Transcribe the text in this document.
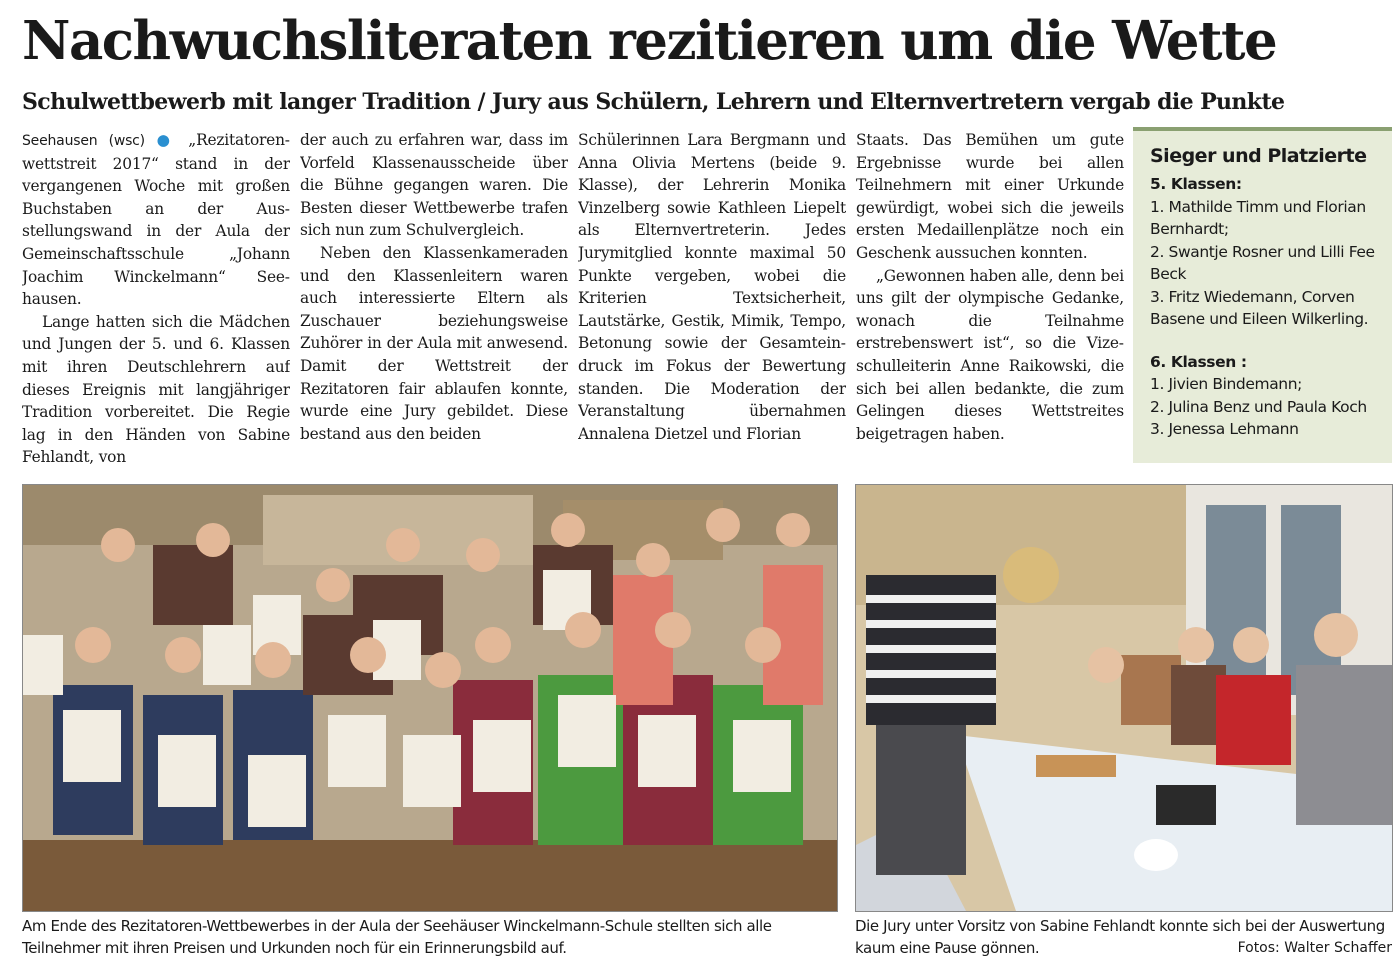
Nachwuchsliteraten rezitieren um die Wette
Schulwettbewerb mit langer Tradition / Jury aus Schülern, Lehrern und Elternvertretern vergab die Punkte

Seehausen (wsc) ● „Rezitatorenwettstreit 2017“ stand in der vergangenen Woche mit großen Buchstaben an der Ausstellungswand in der Aula der Gemeinschaftsschule „Johann Joachim Winckelmann“ Seehausen.

Lange hatten sich die Mädchen und Jungen der 5. und 6. Klassen mit ihren Deutschlehrern auf dieses Ereignis mit langjähriger Tradition vorbereitet. Die Regie lag in den Händen von Sabine Fehlandt, von

der auch zu erfahren war, dass im Vorfeld Klassenausscheide über die Bühne gegangen waren. Die Besten dieser Wettbewerbe trafen sich nun zum Schulvergleich.

Neben den Klassenkameraden und den Klassenleitern waren auch interessierte Eltern als Zuschauer beziehungsweise Zuhörer in der Aula mit anwesend. Damit der Wettstreit der Rezitatoren fair ablaufen konnte, wurde eine Jury gebildet. Diese bestand aus den beiden

Schülerinnen Lara Bergmann und Anna Olivia Mertens (beide 9. Klasse), der Lehrerin Monika Vinzelberg sowie Kathleen Liepelt als Elternvertreterin. Jedes Jurymitglied konnte maximal 50 Punkte vergeben, wobei die Kriterien Textsicherheit, Lautstärke, Gestik, Mimik, Tempo, Betonung sowie der Gesamteindruck im Fokus der Bewertung standen. Die Moderation der Veranstaltung übernahmen Annalena Dietzel und Florian

Staats. Das Bemühen um gute Ergebnisse wurde bei allen Teilnehmern mit einer Urkunde gewürdigt, wobei sich die jeweils ersten Medaillenplätze noch ein Geschenk aussuchen konnten.

„Gewonnen haben alle, denn bei uns gilt der olympische Gedanke, wonach die Teilnahme erstrebenswert ist“, so die Vizeschulleiterin Anne Raikowski, die sich bei allen bedankte, die zum Gelingen dieses Wettstreites beigetragen haben.

Sieger und Platzierte

5. Klassen:

1. Mathilde Timm und Florian Bernhardt;

2. Swantje Rosner und Lilli Fee Beck

3. Fritz Wiedemann, Corven Basene und Eileen Wilkerling.

6. Klassen :

1. Jivien Bindemann;

2. Julina Benz und Paula Koch

3. Jenessa Lehmann

Am Ende des Rezitatoren-Wettbewerbes in der Aula der Seehäuser Winckelmann-Schule stellten sich alle Teilnehmer mit ihren Preisen und Urkunden noch für ein Erinnerungsbild auf.

Die Jury unter Vorsitz von Sabine Fehlandt konnte sich bei der Auswertung kaum eine Pause gönnen.	Fotos: Walter Schaffer
